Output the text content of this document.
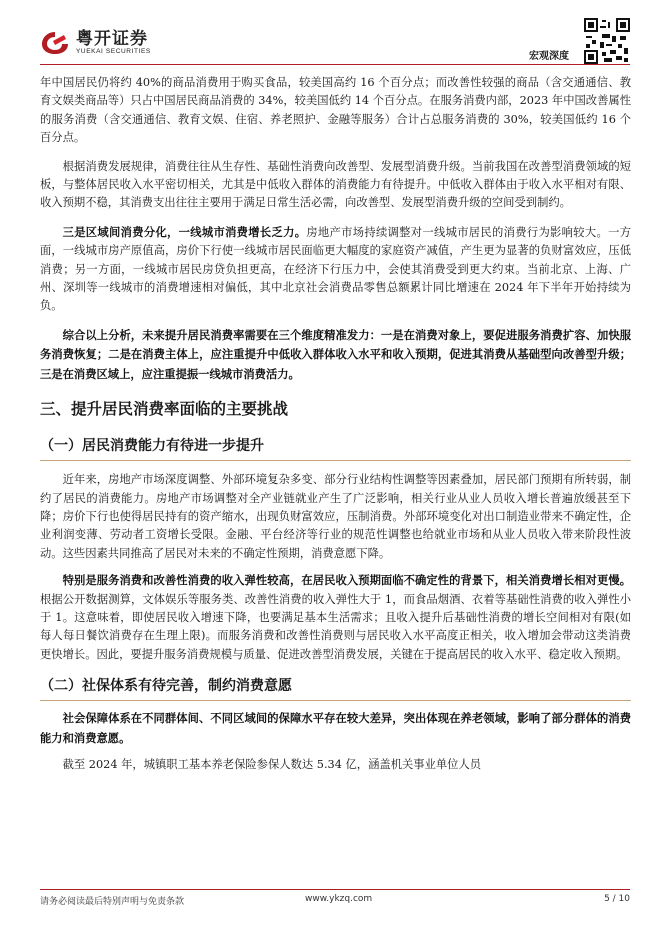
粤开证券
YUEKAI SECURITIES	宏观深度

年中国居民仍将约 40%的商品消费用于购买食品，较美国高约 16 个百分点；而改善性较强的商品（含交通通信、教育文娱类商品等）只占中国居民商品消费的 34%，较美国低约 14 个百分点。在服务消费内部，2023 年中国改善属性的服务消费（含交通通信、教育文娱、住宿、养老照护、金融等服务）合计占总服务消费的 30%，较美国低约 16 个百分点。

根据消费发展规律，消费往往从生存性、基础性消费向改善型、发展型消费升级。当前我国在改善型消费领域的短板，与整体居民收入水平密切相关，尤其是中低收入群体的消费能力有待提升。中低收入群体由于收入水平相对有限、收入预期不稳，其消费支出往往主要用于满足日常生活必需，向改善型、发展型消费升级的空间受到制约。

三是区域间消费分化，一线城市消费增长乏力。房地产市场持续调整对一线城市居民的消费行为影响较大。一方面，一线城市房产原值高，房价下行使一线城市居民面临更大幅度的家庭资产减值，产生更为显著的负财富效应，压低消费；另一方面，一线城市居民房贷负担更高，在经济下行压力中，会使其消费受到更大约束。当前北京、上海、广州、深圳等一线城市的消费增速相对偏低，其中北京社会消费品零售总额累计同比增速在 2024 年下半年开始持续为负。

综合以上分析，未来提升居民消费率需要在三个维度精准发力：一是在消费对象上，要促进服务消费扩容、加快服务消费恢复；二是在消费主体上，应注重提升中低收入群体收入水平和收入预期，促进其消费从基础型向改善型升级；三是在消费区域上，应注重提振一线城市消费活力。

三、提升居民消费率面临的主要挑战
（一）居民消费能力有待进一步提升

近年来，房地产市场深度调整、外部环境复杂多变、部分行业结构性调整等因素叠加，居民部门预期有所转弱，制约了居民的消费能力。房地产市场调整对全产业链就业产生了广泛影响，相关行业从业人员收入增长普遍放缓甚至下降；房价下行也使得居民持有的资产缩水，出现负财富效应，压制消费。外部环境变化对出口制造业带来不确定性，企业利润变薄、劳动者工资增长受限。金融、平台经济等行业的规范性调整也给就业市场和从业人员收入带来阶段性波动。这些因素共同推高了居民对未来的不确定性预期，消费意愿下降。

特别是服务消费和改善性消费的收入弹性较高，在居民收入预期面临不确定性的背景下，相关消费增长相对更慢。根据公开数据测算，文体娱乐等服务类、改善性消费的收入弹性大于 1，而食品烟酒、衣着等基础性消费的收入弹性小于 1。这意味着，即使居民收入增速下降，也要满足基本生活需求；且收入提升后基础性消费的增长空间相对有限(如每人每日餐饮消费存在生理上限)。而服务消费和改善性消费则与居民收入水平高度正相关，收入增加会带动这类消费更快增长。因此，要提升服务消费规模与质量、促进改善型消费发展，关键在于提高居民的收入水平、稳定收入预期。

（二）社保体系有待完善，制约消费意愿

社会保障体系在不同群体间、不同区域间的保障水平存在较大差异，突出体现在养老领域，影响了部分群体的消费能力和消费意愿。

截至 2024 年，城镇职工基本养老保险参保人数达 5.34 亿，涵盖机关事业单位人员

请务必阅读最后特别声明与免责条款	www.ykzq.com	5 / 10
